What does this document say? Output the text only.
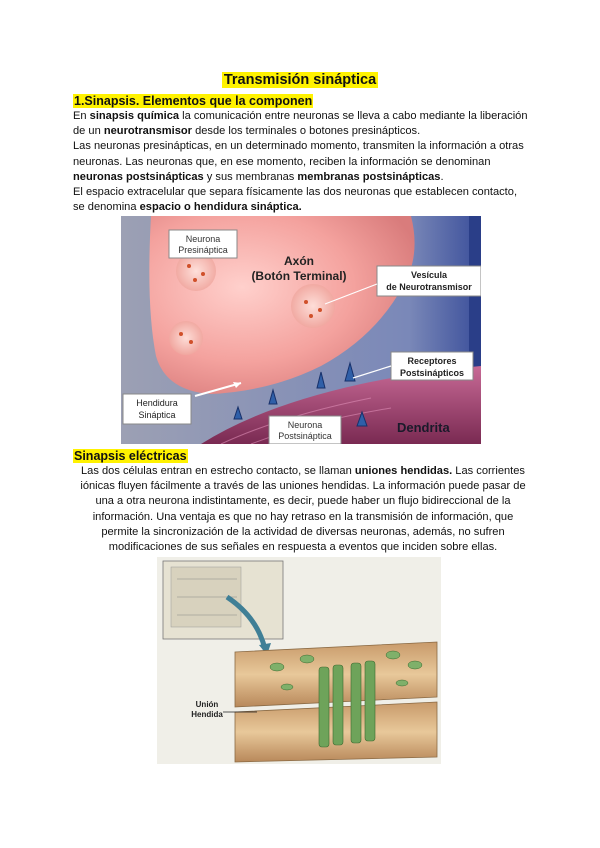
Transmisión sináptica
1.Sinapsis. Elementos que la componen
En sinapsis química la comunicación entre neuronas se lleva a cabo mediante la liberación
de un neurotransmisor desde los terminales o botones presinápticos.
Las neuronas presinápticas, en un determinado momento, transmiten la información a otras
neuronas. Las neuronas que, en ese momento, reciben la información se denominan
neuronas postsinápticas y sus membranas membranas postsinápticas.
El espacio extracelular que separa físicamente las dos neuronas que establecen contacto,
se denomina espacio o hendidura sináptica.
Neurona
Presináptica
Axón
(Botón Terminal)	Vesícula
de Neurotransmisor
Receptores
Postsinápticos
Hendidura
Sináptica
Neurona
Postsináptica
Dendrita
Sinapsis eléctricas
Las dos células entran en estrecho contacto, se llaman uniones hendidas. Las corrientes
iónicas fluyen fácilmente a través de las uniones hendidas. La información puede pasar de
una a otra neurona indistintamente, es decir, puede haber un flujo bidireccional de la
información. Una ventaja es que no hay retraso en la transmisión de información, que
permite la sincronización de la actividad de diversas neuronas, además, no sufren
modificaciones de sus señales en respuesta a eventos que inciden sobre ellas.
Unión
Hendida
